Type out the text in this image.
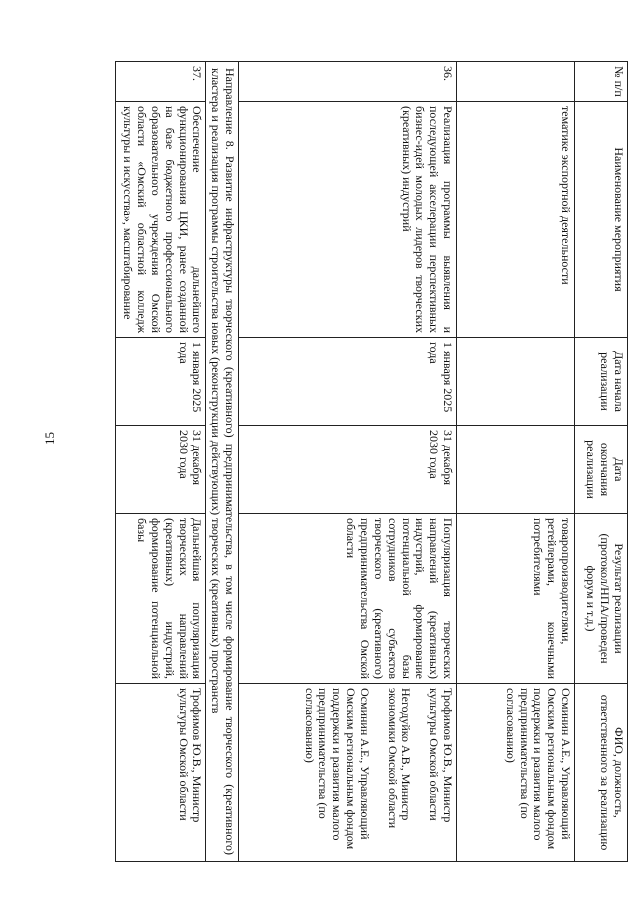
15
№ п/п	Наименование мероприятия	Дата начала реализации	Дата окончания реализации	Результат реализации (протокол/НПА/проведен форум и т.д.)	ФИО, должность, ответственного за реализацию
	тематике экспортной деятельности			товаропроизводителями, ретейлерами, конечными потребителями	Осминин А.Е., Управляющий Омским региональным фондом поддержки и развития малого предпринимательства (по согласованию)
36.	Реализация программы выявления и последующей акселерации перспективных бизнес-идей молодых лидеров творческих (креативных) индустрий	1 января 2025 года	31 декабря 2030 года	Популяризация творческих направлений (креативных) индустрий, формирование потенциальной базы сотрудников субъектов творческого (креативного) предпринимательства Омской области	Трофимов Ю.В., Министр культуры Омской области
Негодуйко А.В., Министр экономики Омской области
Осминин А.Е., Управляющий Омским региональным фондом поддержки и развития малого предпринимательства (по согласованию)

Направление 8. Развитие инфраструктуры творческого (креативного) предпринимательства, в том числе формирование творческого (креативного) кластера и реализация программы строительства новых (реконструкции действующих) творческих (креативных) пространств					
37.	Обеспечение дальнейшего функционирования ЦКИ, ранее созданной на базе бюджетного профессионального образовательного учреждения Омской области «Омский областной колледж культуры и искусства», масштабирование	1 января 2025 года	31 декабря 2030 года	Дальнейшая популяризация творческих направлений (креативных) индустрий, формирование потенциальной базы	Трофимов Ю.В., Министр культуры Омской области
